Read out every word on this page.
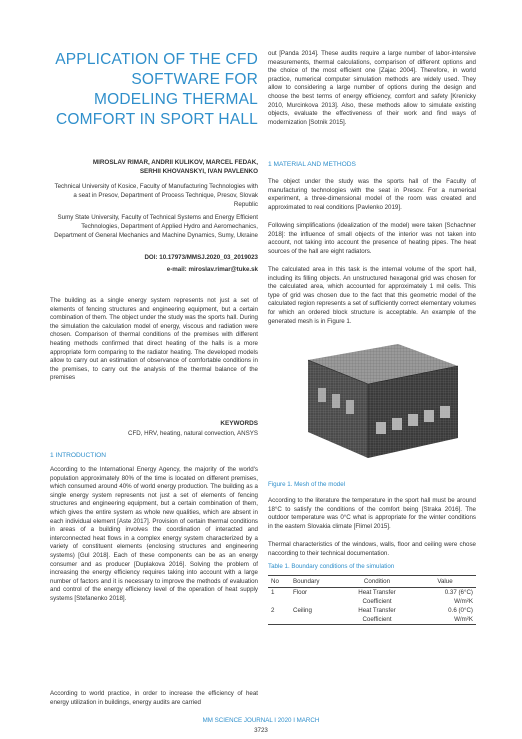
APPLICATION OF THE CFD SOFTWARE FOR MODELING THERMAL COMFORT IN SPORT HALL
MIROSLAV RIMAR, ANDRII KULIKOV, MARCEL FEDAK,
SERHII KHOVANSKYI, IVAN PAVLENKO
Technical University of Kosice, Faculty of Manufacturing Technologies with a seat in Presov, Department of Process Technique, Presov, Slovak Republic
Sumy State University, Faculty of Technical Systems and Energy Efficient Technologies, Department of Applied Hydro and Aeromechanics, Department of General Mechanics and Machine Dynamics, Sumy, Ukraine
DOI: 10.17973/MMSJ.2020_03_2019023
e-mail: miroslav.rimar@tuke.sk
The building as a single energy system represents not just a set of elements of fencing structures and engineering equipment, but a certain combination of them. The object under the study was the sports hall. During the simulation the calculation model of energy, viscous and radiation were chosen. Comparison of thermal conditions of the premises with different heating methods confirmed that direct heating of the halls is a more appropriate form comparing to the radiator heating. The developed models allow to carry out an estimation of observance of comfortable conditions in the premises, to carry out the analysis of the thermal balance of the premises
KEYWORDS
CFD, HRV, heating, natural convection, ANSYS
1 INTRODUCTION
According to the International Energy Agency, the majority of the world's population approximately 80% of the time is located on different premises, which consumed around 40% of world energy production. The building as a single energy system represents not just a set of elements of fencing structures and engineering equipment, but a certain combination of them, which gives the entire system as whole new qualities, which are absent in each individual element [Aste 2017]. Provision of certain thermal conditions in areas of a building involves the coordination of interacted and interconnected heat flows in a complex energy system characterized by a variety of constituent elements (enclosing structures and engineering systems) [Gul 2018]. Each of these components can be as an energy consumer and as producer [Duplakova 2016]. Solving the problem of increasing the energy efficiency requires taking into account with a large number of factors and it is necessary to improve the methods of evaluation and control of the energy efficiency level of the operation of heat supply systems [Stefanenko 2018].
According to world practice, in order to increase the efficiency of heat energy utilization in buildings, energy audits are carried
out [Panda 2014]. These audits require a large number of labor-intensive measurements, thermal calculations, comparison of different options and the choice of the most efficient one [Zajac 2004]. Therefore, in world practice, numerical computer simulation methods are widely used. They allow to considering a large number of options during the design and choose the best terms of energy efficiency, comfort and safety [Krenicky 2010, Murcinkova 2013]. Also, these methods allow to simulate existing objects, evaluate the effectiveness of their work and find ways of modernization [Sotnik 2015].
1 MATERIAL AND METHODS
The object under the study was the sports hall of the Faculty of manufacturing technologies with the seat in Presov. For a numerical experiment, a three-dimensional model of the room was created and approximated to real conditions [Pavlenko 2019].
Following simplifications (idealization of the model) were taken [Schachner 2018]: the influence of small objects of the interior was not taken into account, not taking into account the presence of heating pipes. The heat sources of the hall are eight radiators.
The calculated area in this task is the internal volume of the sport hall, including its filling objects. An unstructured hexagonal grid was chosen for the calculated area, which accounted for approximately 1 mil cells. This type of grid was chosen due to the fact that this geometric model of the calculated region represents a set of sufficiently correct elementary volumes for which an ordered block structure is acceptable. An example of the generated mesh is in Figure 1.
Figure 1. Mesh of the model
According to the literature the temperature in the sport hall must be around 18°C to satisfy the conditions of the comfort being [Straka 2016]. The outdoor temperature was 0°C what is appropriate for the winter conditions in the eastern Slovakia climate [Flimel 2015].
Thermal characteristics of the windows, walls, floor and ceiling were chose naccording to their technical documentation.
Table 1. Boundary conditions of the simulation
No	Boundary	Condition	Value
1	Floor	Heat Transfer	0.37 (6°C)
		Coefficient	W/m²K
2	Ceiling	Heat Transfer	0.6 (0°C)
		Coefficient	W/m²K
MM SCIENCE JOURNAL I 2020 I MARCH
3723
